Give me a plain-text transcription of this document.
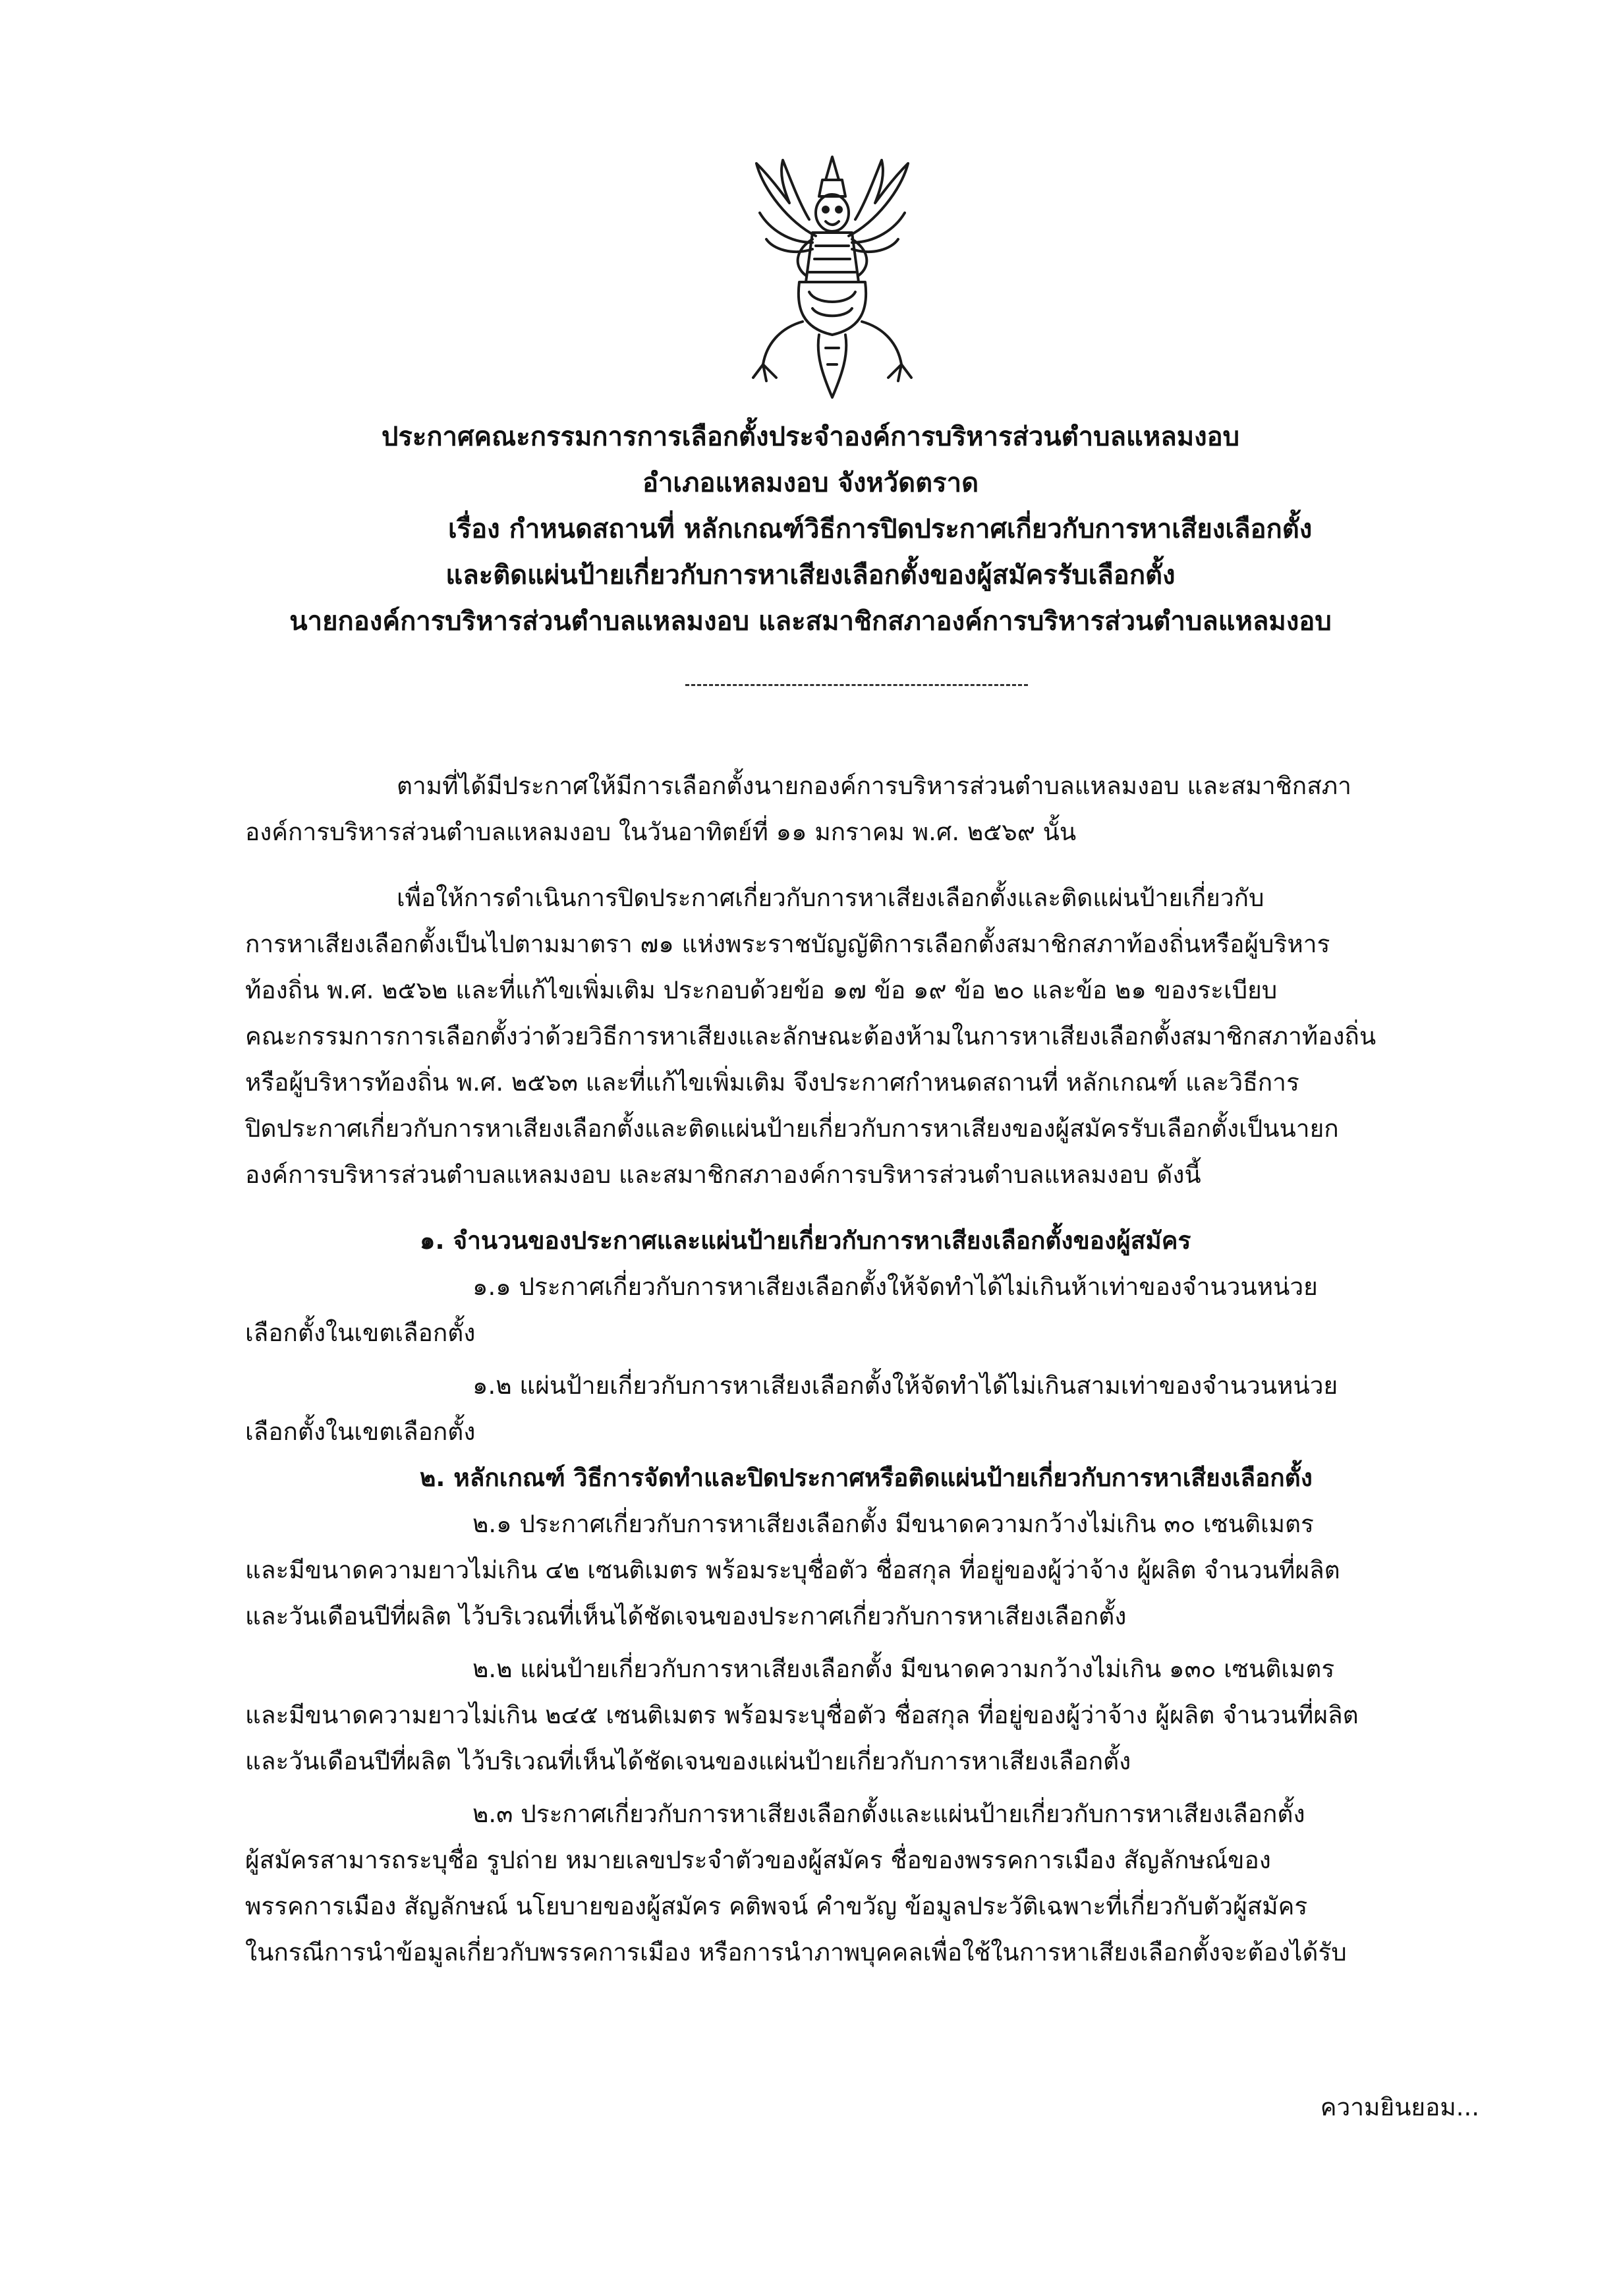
ประกาศคณะกรรมการการเลือกตั้งประจำองค์การบริหารส่วนตำบลแหลมงอบ
อำเภอแหลมงอบ จังหวัดตราด
เรื่อง กำหนดสถานที่ หลักเกณฑ์วิธีการปิดประกาศเกี่ยวกับการหาเสียงเลือกตั้ง
และติดแผ่นป้ายเกี่ยวกับการหาเสียงเลือกตั้งของผู้สมัครรับเลือกตั้ง
นายกองค์การบริหารส่วนตำบลแหลมงอบ และสมาชิกสภาองค์การบริหารส่วนตำบลแหลมงอบ
ตามที่ได้มีประกาศให้มีการเลือกตั้งนายกองค์การบริหารส่วนตำบลแหลมงอบ และสมาชิกสภา
องค์การบริหารส่วนตำบลแหลมงอบ ในวันอาทิตย์ที่ ๑๑ มกราคม พ.ศ. ๒๕๖๙ นั้น
เพื่อให้การดำเนินการปิดประกาศเกี่ยวกับการหาเสียงเลือกตั้งและติดแผ่นป้ายเกี่ยวกับ
การหาเสียงเลือกตั้งเป็นไปตามมาตรา ๗๑ แห่งพระราชบัญญัติการเลือกตั้งสมาชิกสภาท้องถิ่นหรือผู้บริหาร
ท้องถิ่น พ.ศ. ๒๕๖๒ และที่แก้ไขเพิ่มเติม ประกอบด้วยข้อ ๑๗ ข้อ ๑๙ ข้อ ๒๐ และข้อ ๒๑ ของระเบียบ
คณะกรรมการการเลือกตั้งว่าด้วยวิธีการหาเสียงและลักษณะต้องห้ามในการหาเสียงเลือกตั้งสมาชิกสภาท้องถิ่น
หรือผู้บริหารท้องถิ่น พ.ศ. ๒๕๖๓ และที่แก้ไขเพิ่มเติม จึงประกาศกำหนดสถานที่ หลักเกณฑ์ และวิธีการ
ปิดประกาศเกี่ยวกับการหาเสียงเลือกตั้งและติดแผ่นป้ายเกี่ยวกับการหาเสียงของผู้สมัครรับเลือกตั้งเป็นนายก
องค์การบริหารส่วนตำบลแหลมงอบ และสมาชิกสภาองค์การบริหารส่วนตำบลแหลมงอบ ดังนี้
๑. จำนวนของประกาศและแผ่นป้ายเกี่ยวกับการหาเสียงเลือกตั้งของผู้สมัคร
๑.๑ ประกาศเกี่ยวกับการหาเสียงเลือกตั้งให้จัดทำได้ไม่เกินห้าเท่าของจำนวนหน่วย
เลือกตั้งในเขตเลือกตั้ง
๑.๒ แผ่นป้ายเกี่ยวกับการหาเสียงเลือกตั้งให้จัดทำได้ไม่เกินสามเท่าของจำนวนหน่วย
เลือกตั้งในเขตเลือกตั้ง
๒. หลักเกณฑ์ วิธีการจัดทำและปิดประกาศหรือติดแผ่นป้ายเกี่ยวกับการหาเสียงเลือกตั้ง
๒.๑ ประกาศเกี่ยวกับการหาเสียงเลือกตั้ง มีขนาดความกว้างไม่เกิน ๓๐ เซนติเมตร
และมีขนาดความยาวไม่เกิน ๔๒ เซนติเมตร พร้อมระบุชื่อตัว ชื่อสกุล ที่อยู่ของผู้ว่าจ้าง ผู้ผลิต จำนวนที่ผลิต
และวันเดือนปีที่ผลิต ไว้บริเวณที่เห็นได้ชัดเจนของประกาศเกี่ยวกับการหาเสียงเลือกตั้ง
๒.๒ แผ่นป้ายเกี่ยวกับการหาเสียงเลือกตั้ง มีขนาดความกว้างไม่เกิน ๑๓๐ เซนติเมตร
และมีขนาดความยาวไม่เกิน ๒๔๕ เซนติเมตร พร้อมระบุชื่อตัว ชื่อสกุล ที่อยู่ของผู้ว่าจ้าง ผู้ผลิต จำนวนที่ผลิต
และวันเดือนปีที่ผลิต ไว้บริเวณที่เห็นได้ชัดเจนของแผ่นป้ายเกี่ยวกับการหาเสียงเลือกตั้ง
๒.๓ ประกาศเกี่ยวกับการหาเสียงเลือกตั้งและแผ่นป้ายเกี่ยวกับการหาเสียงเลือกตั้ง
ผู้สมัครสามารถระบุชื่อ รูปถ่าย หมายเลขประจำตัวของผู้สมัคร ชื่อของพรรคการเมือง สัญลักษณ์ของ
พรรคการเมือง สัญลักษณ์ นโยบายของผู้สมัคร คติพจน์ คำขวัญ ข้อมูลประวัติเฉพาะที่เกี่ยวกับตัวผู้สมัคร
ในกรณีการนำข้อมูลเกี่ยวกับพรรคการเมือง หรือการนำภาพบุคคลเพื่อใช้ในการหาเสียงเลือกตั้งจะต้องได้รับ
ความยินยอม...
